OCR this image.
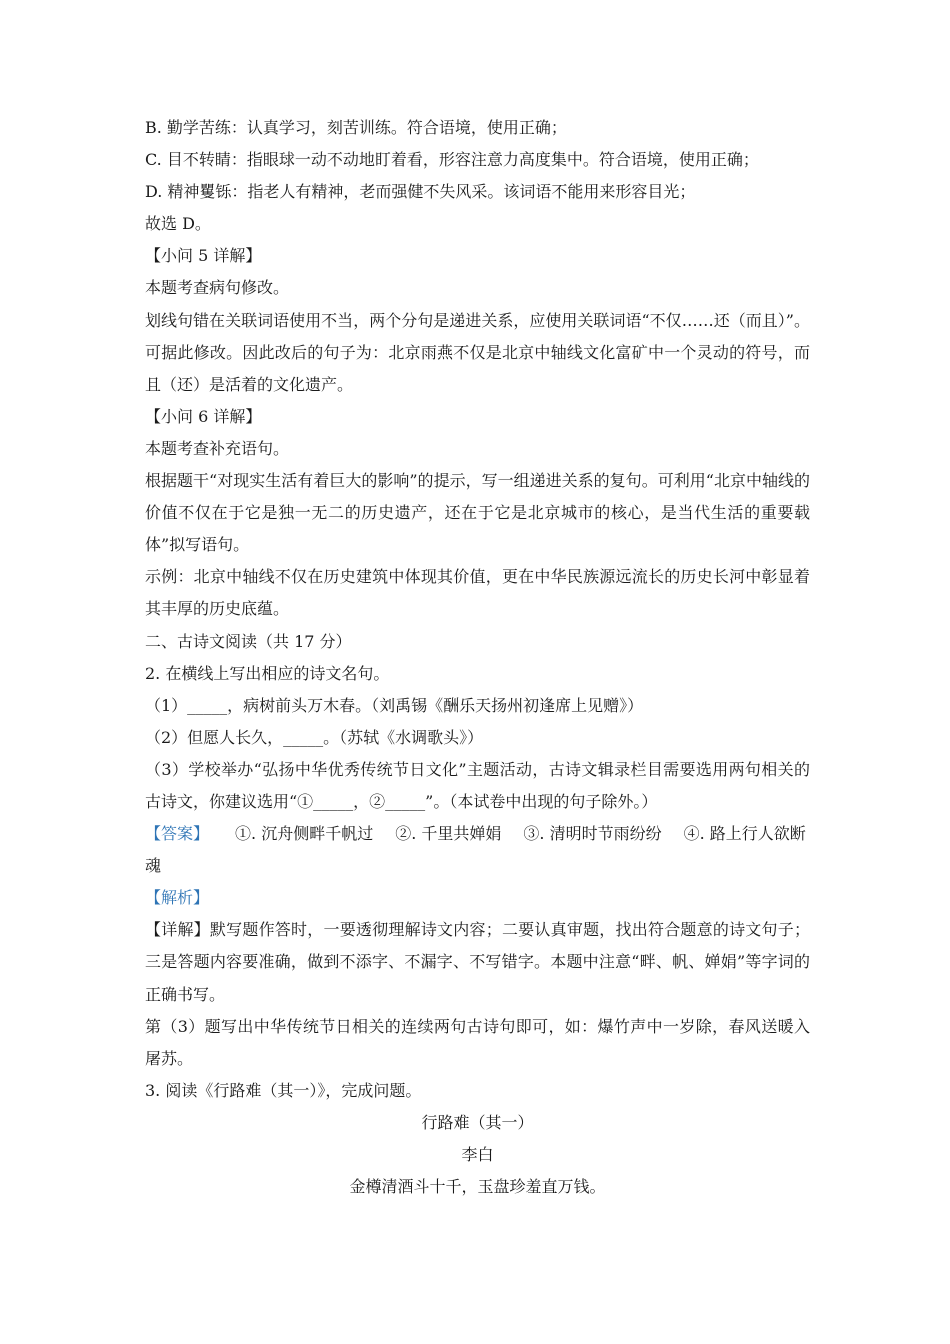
B. 勤学苦练：认真学习，刻苦训练。符合语境，使用正确；
C. 目不转睛：指眼球一动不动地盯着看，形容注意力高度集中。符合语境，使用正确；
D. 精神矍铄：指老人有精神，老而强健不失风采。该词语不能用来形容目光；
故选 D。
【小问 5 详解】
本题考查病句修改。
划线句错在关联词语使用不当，两个分句是递进关系，应使用关联词语“不仅……还（而且）”。可据此修改。因此改后的句子为：北京雨燕不仅是北京中轴线文化富矿中一个灵动的符号，而且（还）是活着的文化遗产。
【小问 6 详解】
本题考查补充语句。
根据题干“对现实生活有着巨大的影响”的提示，写一组递进关系的复句。可利用“北京中轴线的价值不仅在于它是独一无二的历史遗产，还在于它是北京城市的核心，是当代生活的重要载体”拟写语句。
示例：北京中轴线不仅在历史建筑中体现其价值，更在中华民族源远流长的历史长河中彰显着其丰厚的历史底蕴。
二、古诗文阅读（共 17 分）
2. 在横线上写出相应的诗文名句。
（1）_____，病树前头万木春。（刘禹锡《酬乐天扬州初逢席上见赠》）
（2）但愿人长久，_____。（苏轼《水调歌头》）
（3）学校举办“弘扬中华优秀传统节日文化”主题活动，古诗文辑录栏目需要选用两句相关的古诗文，你建议选用“①_____，②_____”。（本试卷中出现的句子除外。）
【答案】 ①. 沉舟侧畔千帆过 ②. 千里共婵娟 ③. 清明时节雨纷纷 ④. 路上行人欲断魂
【解析】
【详解】默写题作答时，一要透彻理解诗文内容；二要认真审题，找出符合题意的诗文句子；三是答题内容要准确，做到不添字、不漏字、不写错字。本题中注意“畔、帆、婵娟”等字词的正确书写。
第（3）题写出中华传统节日相关的连续两句古诗句即可，如：爆竹声中一岁除，春风送暖入屠苏。
3. 阅读《行路难（其一）》，完成问题。
行路难（其一）
李白
金樽清酒斗十千，玉盘珍羞直万钱。
